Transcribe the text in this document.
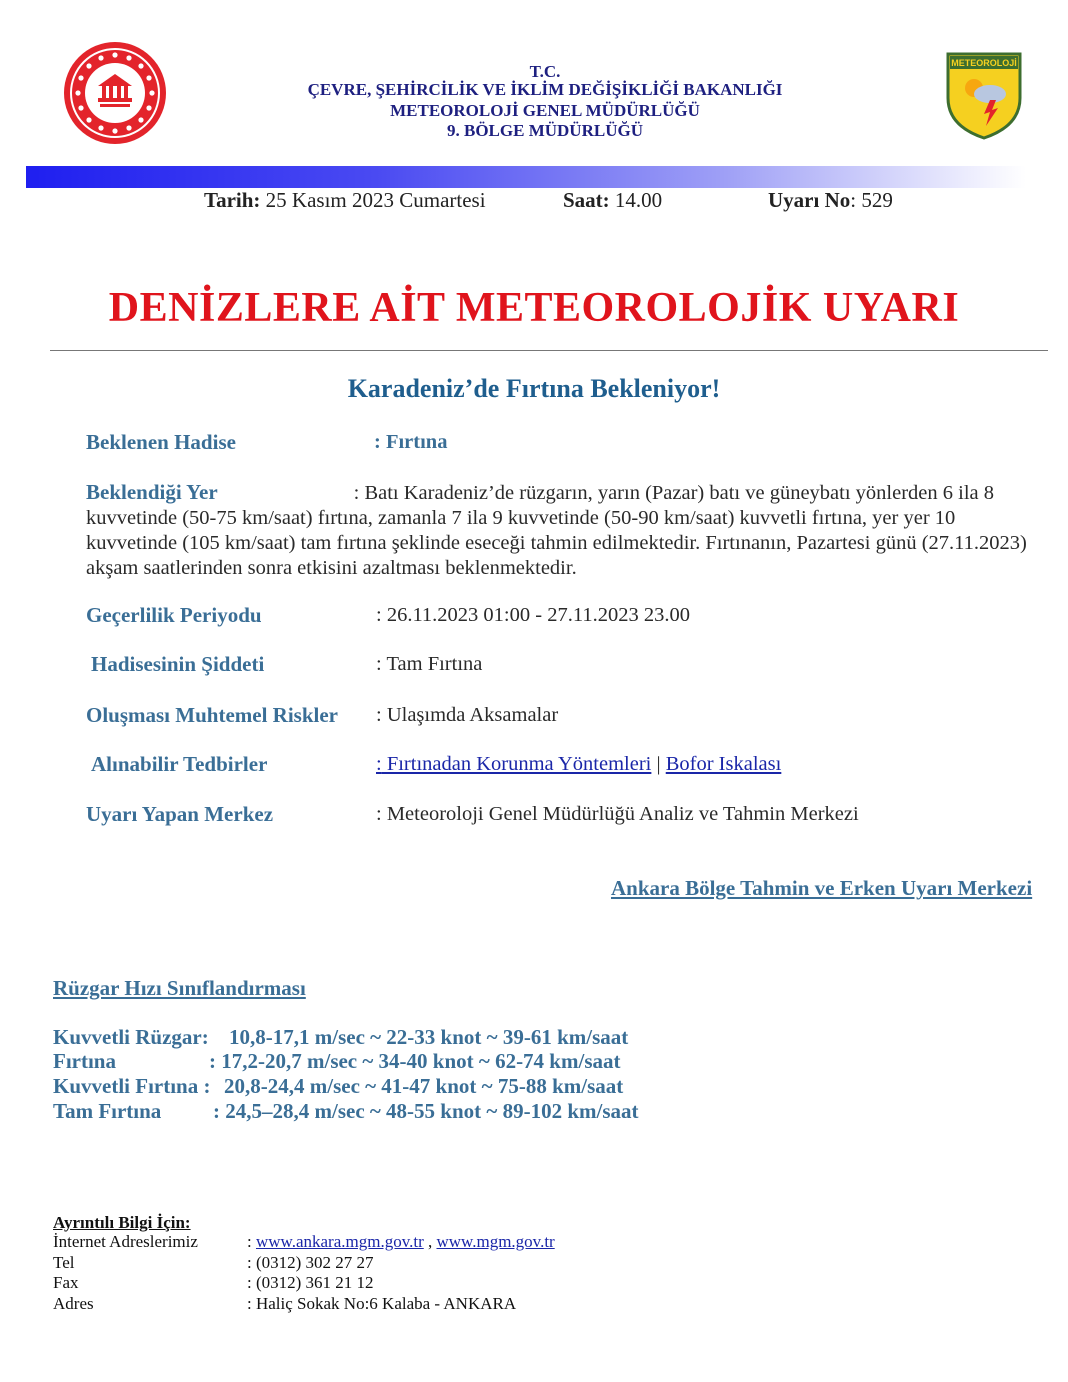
T.C.
ÇEVRE, ŞEHİRCİLİK VE İKLİM DEĞİŞİKLİĞİ BAKANLIĞI
METEOROLOJİ GENEL MÜDÜRLÜĞÜ
9. BÖLGE MÜDÜRLÜĞÜ
METEOROLOJİ
Tarih: 25 Kasım 2023 Cumartesi	Saat: 14.00	Uyarı No: 529
DENİZLERE AİT METEOROLOJİK UYARI
Karadeniz’de Fırtına Bekleniyor!
Beklenen Hadise	: Fırtına
Beklendiği Yer	: Batı Karadeniz’de rüzgarın, yarın (Pazar) batı ve güneybatı yönlerden 6 ila 8 kuvvetinde (50-75 km/saat) fırtına, zamanla 7 ila 9 kuvvetinde (50-90 km/saat) kuvvetli fırtına, yer yer 10 kuvvetinde (105 km/saat) tam fırtına şeklinde eseceği tahmin edilmektedir. Fırtınanın, Pazartesi günü (27.11.2023) akşam saatlerinden sonra etkisini azaltması beklenmektedir.
Geçerlilik Periyodu	: 26.11.2023 01:00 - 27.11.2023 23.00
Hadisesinin Şiddeti	: Tam Fırtına
Oluşması Muhtemel Riskler : Ulaşımda Aksamalar
Alınabilir Tedbirler	: Fırtınadan Korunma Yöntemleri | Bofor Iskalası
Uyarı Yapan Merkez	: Meteoroloji Genel Müdürlüğü Analiz ve Tahmin Merkezi
Ankara Bölge Tahmin ve Erken Uyarı Merkezi
Rüzgar Hızı Sınıflandırması
Kuvvetli Rüzgar: 10,8-17,1 m/sec ~ 22-33 knot ~ 39-61 km/saat
Fırtına	: 17,2-20,7 m/sec ~ 34-40 knot ~ 62-74 km/saat
Kuvvetli Fırtına : 20,8-24,4 m/sec ~ 41-47 knot ~ 75-88 km/saat
Tam Fırtına : 24,5–28,4 m/sec ~ 48-55 knot ~ 89-102 km/saat
Ayrıntılı Bilgi İçin:
İnternet Adreslerimiz	: www.ankara.mgm.gov.tr , www.mgm.gov.tr
Tel	: (0312) 302 27 27
Fax	: (0312) 361 21 12
Adres	: Haliç Sokak No:6 Kalaba - ANKARA
